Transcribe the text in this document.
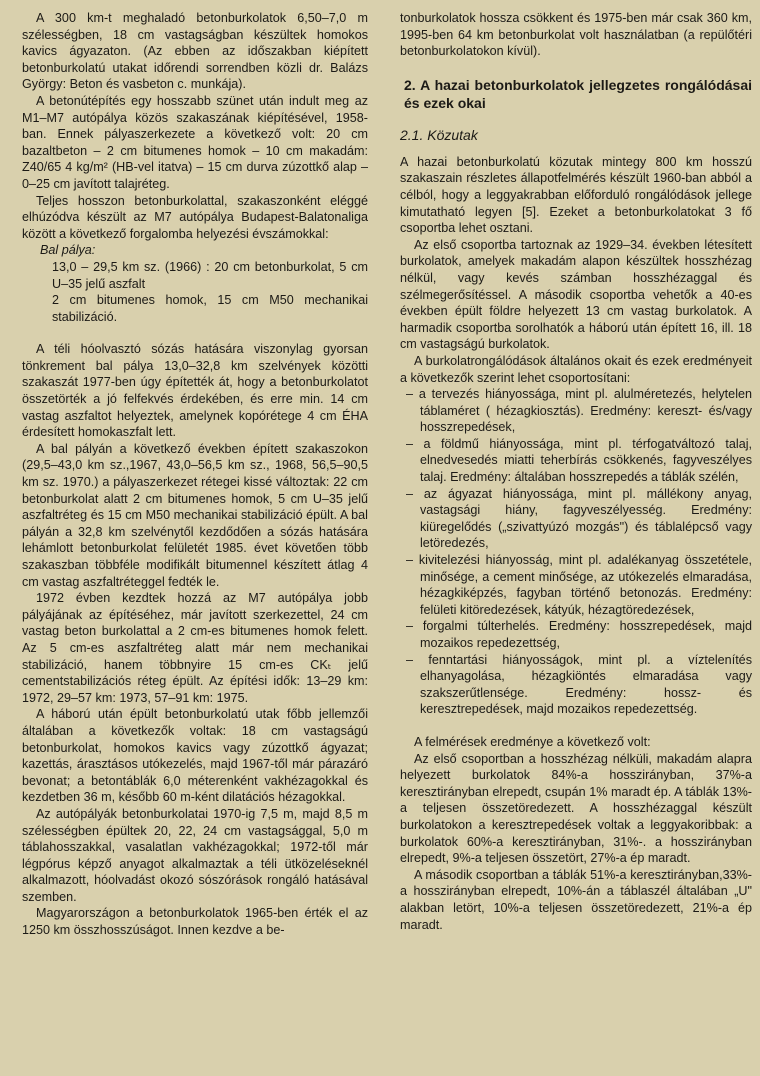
A 300 km-t meghaladó betonburkolatok 6,50–7,0 m szélességben, 18 cm vastagságban készültek homokos kavics ágyazaton. (Az ebben az időszakban kiépített betonburkolatú utakat időrendi sorrendben közli dr. Balázs György: Beton és vasbeton c. munkája).

A betonútépítés egy hosszabb szünet után indult meg az M1–M7 autópálya közös szakaszának kiépítésével, 1958-ban. Ennek pályaszerkezete a következő volt: 20 cm bazaltbeton – 2 cm bitumenes homok – 10 cm makadám: Z40/65 4 kg/m² (HB-vel itatva) – 15 cm durva zúzottkő alap – 0–25 cm javított talajréteg.

Teljes hosszon betonburkolattal, szakaszonként eléggé elhúzódva készült az M7 autópálya Budapest-Balatonaliga között a következő forgalomba helyezési évszámokkal:

Bal pálya:

13,0 – 29,5 km sz. (1966) : 20 cm betonburkolat, 5 cm U–35 jelű aszfalt

2 cm bitumenes homok, 15 cm M50 mechanikai stabilizáció.

A téli hóolvasztó sózás hatására viszonylag gyorsan tönkrement bal pálya 13,0–32,8 km szelvények közötti szakaszát 1977-ben úgy építették át, hogy a betonburkolatot összetörték a jó felfekvés érdekében, és erre min. 14 cm vastag aszfaltot helyeztek, amelynek kopórétege 4 cm ÉHA érdesített homokaszfalt lett.

A bal pályán a következő években épített szakaszokon (29,5–43,0 km sz.,1967, 43,0–56,5 km sz., 1968, 56,5–90,5 km sz. 1970.) a pályaszerkezet rétegei kissé változtak: 22 cm betonburkolat alatt 2 cm bitumenes homok, 5 cm U–35 jelű aszfaltréteg és 15 cm M50 mechanikai stabilizáció épült. A bal pályán a 32,8 km szelvénytől kezdődően a sózás hatására lehámlott betonburkolat felületét 1985. évet követően több szakaszban többféle modifikált bitumennel készített átlag 4 cm vastag aszfaltréteggel fedték le.

1972 évben kezdtek hozzá az M7 autópálya jobb pályájának az építéséhez, már javított szerkezettel, 24 cm vastag beton burkolattal a 2 cm-es bitumenes homok felett. Az 5 cm-es aszfaltréteg alatt már nem mechanikai stabilizáció, hanem többnyire 15 cm-es CKₜ jelű cementstabilizációs réteg épült. Az építési idők: 13–29 km: 1972, 29–57 km: 1973, 57–91 km: 1975.

A háború után épült betonburkolatú utak főbb jellemzői általában a következők voltak: 18 cm vastagságú betonburkolat, homokos kavics vagy zúzottkő ágyazat; kazettás, árasztásos utókezelés, majd 1967-től már párazáró bevonat; a betontáblák 6,0 méterenként vakhézagokkal és kezdetben 36 m, később 60 m-ként dilatációs hézagokkal.

Az autópályák betonburkolatai 1970-ig 7,5 m, majd 8,5 m szélességben épültek 20, 22, 24 cm vastagsággal, 5,0 m táblahosszakkal, vasalatlan vakhézagokkal; 1972-től már légpórus képző anyagot alkalmaztak a téli ütközeléseknél alkalmazott, hóolvadást okozó sószórások rongáló hatásával szemben.

Magyarországon a betonburkolatok 1965-ben érték el az 1250 km összhosszúságot. Innen kezdve a be-

tonburkolatok hossza csökkent és 1975-ben már csak 360 km, 1995-ben 64 km betonburkolat volt használatban (a repülőtéri betonburkolatokon kívül).

2. A hazai betonburkolatok jellegzetes rongálódásai és ezek okai
2.1. Közutak

A hazai betonburkolatú közutak mintegy 800 km hosszú szakaszain részletes állapotfelmérés készült 1960-ban abból a célból, hogy a leggyakrabban előforduló rongálódások jellege kimutatható legyen [5]. Ezeket a betonburkolatokat 3 fő csoportba lehet osztani.

Az első csoportba tartoznak az 1929–34. években létesített burkolatok, amelyek makadám alapon készültek hosszhézag nélkül, vagy kevés számban hosszhézaggal és szélmegerősítéssel. A második csoportba vehetők a 40-es években épült földre helyezett 13 cm vastag burkolatok. A harmadik csoportba sorolhatók a háború után épített 16, ill. 18 cm vastagságú burkolatok.

A burkolatrongálódások általános okait és ezek eredményeit a következők szerint lehet csoportosítani:

– a tervezés hiányossága, mint pl. alulméretezés, helytelen táblaméret ( hézagkiosztás). Eredmény: kereszt- és/vagy hosszrepedések,

– a földmű hiányossága, mint pl. térfogatváltozó talaj, elnedvesedés miatti teherbírás csökkenés, fagyveszélyes talaj. Eredmény: általában hosszrepedés a táblák szélén,

– az ágyazat hiányossága, mint pl. mállékony anyag, vastagsági hiány, fagyveszélyesség. Eredmény: kiüregelődés („szivattyúzó mozgás") és táblalépcső vagy letöredezés,

– kivitelezési hiányosság, mint pl. adalékanyag összetétele, minősége, a cement minősége, az utókezelés elmaradása, hézagkiképzés, fagyban történő betonozás. Eredmény: felületi kitöredezések, kátyúk, hézagtöredezések,

– forgalmi túlterhelés. Eredmény: hosszrepedések, majd mozaikos repedezettség,

– fenntartási hiányosságok, mint pl. a víztelenítés elhanyagolása, hézagkiöntés elmaradása vagy szakszerűtlensége. Eredmény: hossz- és keresztrepedések, majd mozaikos repedezettség.

A felmérések eredménye a következő volt:

Az első csoportban a hosszhézag nélküli, makadám alapra helyezett burkolatok 84%-a hosszirányban, 37%-a keresztirányban elrepedt, csupán 1% maradt ép. A táblák 13%-a teljesen összetöredezett. A hosszhézaggal készült burkolatokon a keresztrepedések voltak a leggyakoribbak: a burkolatok 60%-a keresztirányban, 31%-. a hosszirányban elrepedt, 9%-a teljesen összetört, 27%-a ép maradt.

A második csoportban a táblák 51%-a keresztirányban,33%-a hosszirányban elrepedt, 10%-án a táblaszél általában „U" alakban letört, 10%-a teljesen összetöredezett, 21%-a ép maradt.
